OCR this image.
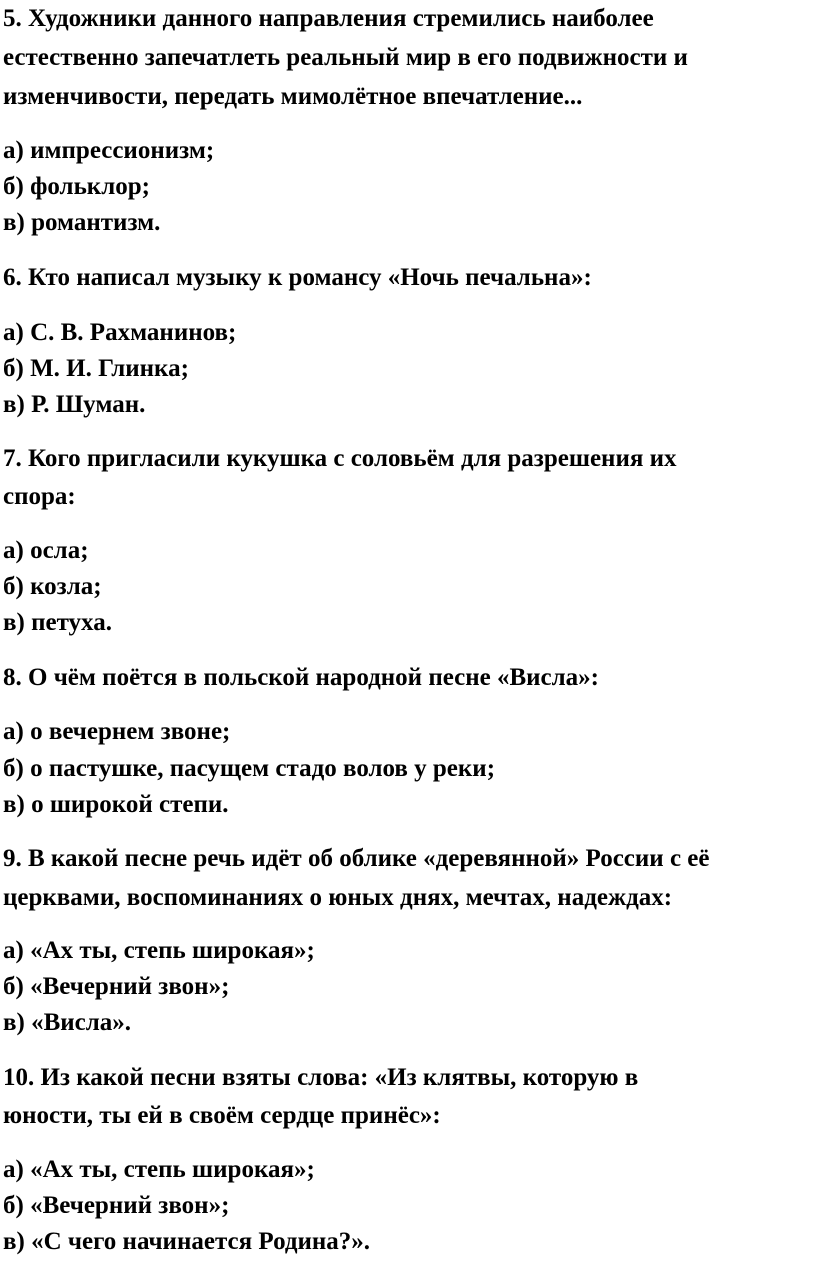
5. Художники данного направления стремились наиболее
естественно запечатлеть реальный мир в его подвижности и
изменчивости, передать мимолётное впечатление...
а) импрессионизм;
б) фольклор;
в) романтизм.
6. Кто написал музыку к романсу «Ночь печальна»:
а) С. В. Рахманинов;
б) М. И. Глинка;
в) Р. Шуман.
7. Кого пригласили кукушка с соловьём для разрешения их
спора:
а) осла;
б) козла;
в) петуха.
8. О чём поётся в польской народной песне «Висла»:
а) о вечернем звоне;
б) о пастушке, пасущем стадо волов у реки;
в) о широкой степи.
9. В какой песне речь идёт об облике «деревянной» России с её
церквами, воспоминаниях о юных днях, мечтах, надеждах:
а) «Ах ты, степь широкая»;
б) «Вечерний звон»;
в) «Висла».
10. Из какой песни взяты слова: «Из клятвы, которую в
юности, ты ей в своём сердце принёс»:
а) «Ах ты, степь широкая»;
б) «Вечерний звон»;
в) «С чего начинается Родина?».
